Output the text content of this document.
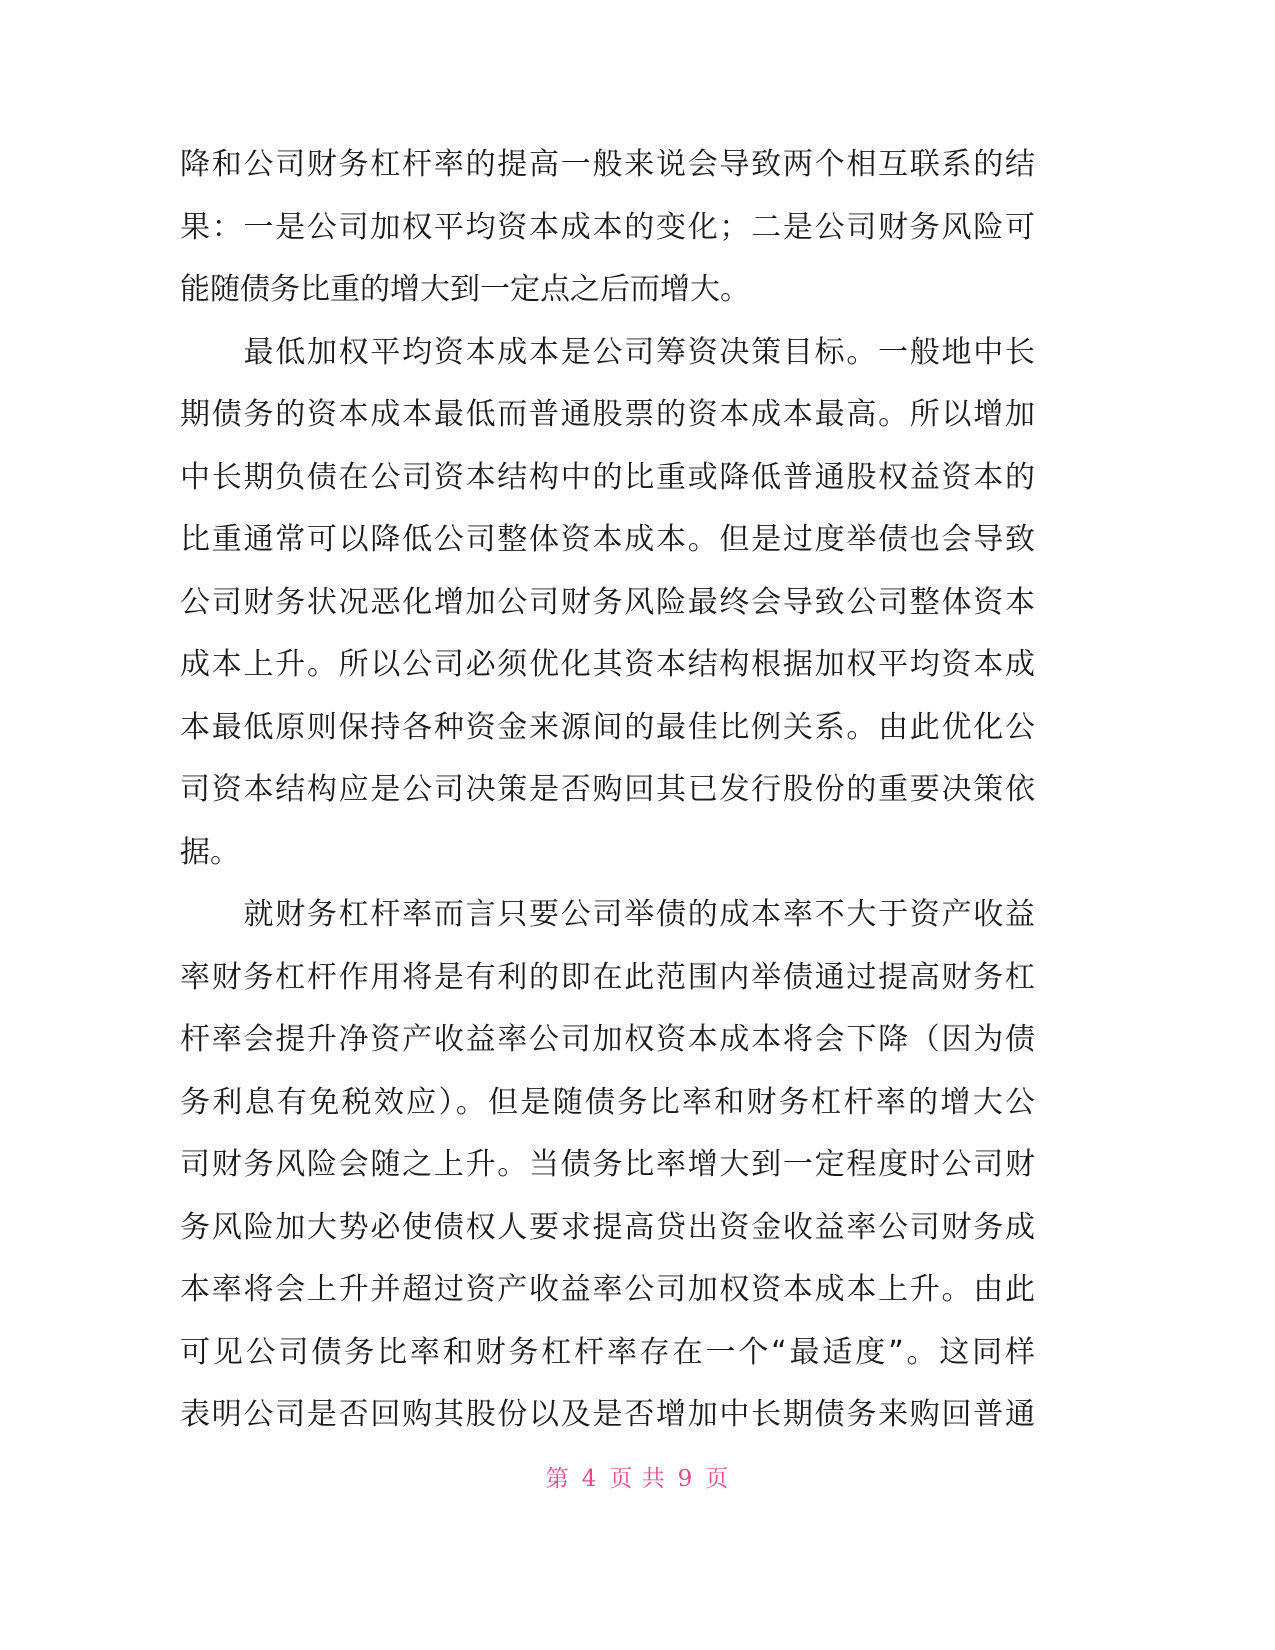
降和公司财务杠杆率的提高一般来说会导致两个相互联系的结
果：一是公司加权平均资本成本的变化；二是公司财务风险可
能随债务比重的增大到一定点之后而增大。
　　最低加权平均资本成本是公司筹资决策目标。一般地中长
期债务的资本成本最低而普通股票的资本成本最高。所以增加
中长期负债在公司资本结构中的比重或降低普通股权益资本的
比重通常可以降低公司整体资本成本。但是过度举债也会导致
公司财务状况恶化增加公司财务风险最终会导致公司整体资本
成本上升。所以公司必须优化其资本结构根据加权平均资本成
本最低原则保持各种资金来源间的最佳比例关系。由此优化公
司资本结构应是公司决策是否购回其已发行股份的重要决策依
据。
　　就财务杠杆率而言只要公司举债的成本率不大于资产收益
率财务杠杆作用将是有利的即在此范围内举债通过提高财务杠
杆率会提升净资产收益率公司加权资本成本将会下降（因为债
务利息有免税效应）。但是随债务比率和财务杠杆率的增大公
司财务风险会随之上升。当债务比率增大到一定程度时公司财
务风险加大势必使债权人要求提高贷出资金收益率公司财务成
本率将会上升并超过资产收益率公司加权资本成本上升。由此
可见公司债务比率和财务杠杆率存在一个“最适度”。这同样
表明公司是否回购其股份以及是否增加中长期债务来购回普通
第 4 页 共 9 页
